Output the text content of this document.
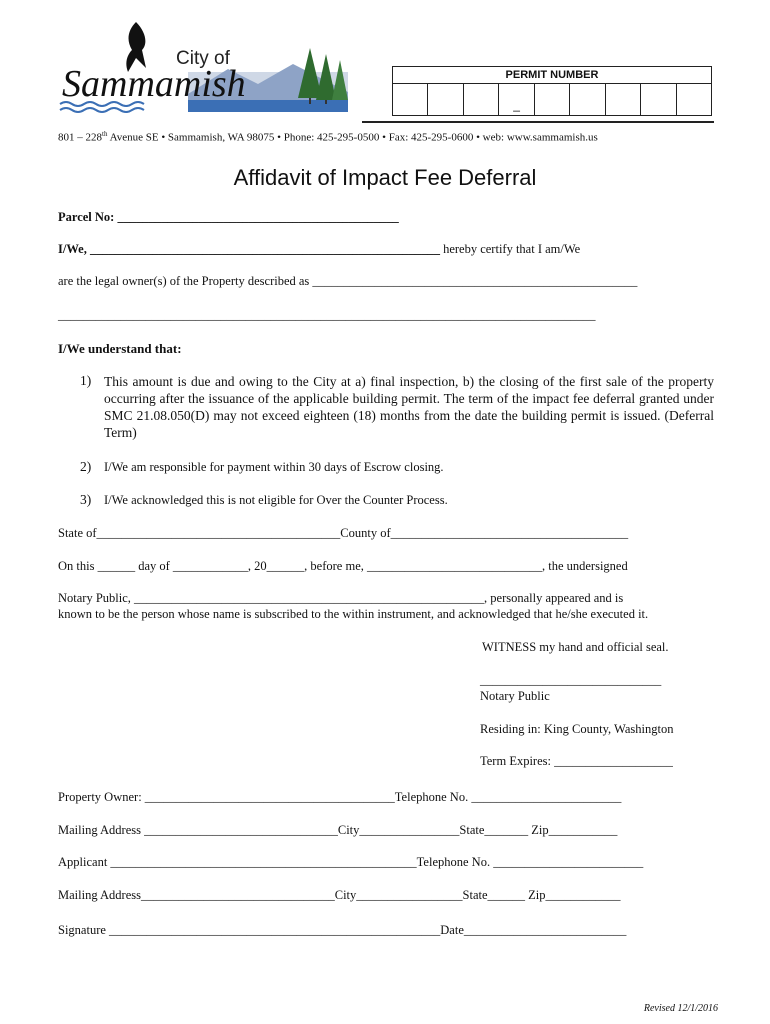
City of
Sammamish
Washington
PERMIT NUMBER
_
801 – 228th Avenue SE • Sammamish, WA 98075 • Phone: 425-295-0500 • Fax: 425-295-0600 • web: www.sammamish.us
Affidavit of Impact Fee Deferral
Parcel No: _____________________________________________
I/We, ________________________________________________________ hereby certify that I am/We
are the legal owner(s) of the Property described as ____________________________________________________
______________________________________________________________________________________
I/We understand that:
1) This amount is due and owing to the City at a) final inspection, b) the closing of the first sale of the property occurring after the issuance of the applicable building permit. The term of the impact fee deferral granted under SMC 21.08.050(D) may not exceed eighteen (18) months from the date the building permit is issued. (Deferral Term)
2) I/We am responsible for payment within 30 days of Escrow closing.
3) I/We acknowledged this is not eligible for Over the Counter Process.
State of_______________________________________County of______________________________________
On this ______ day of ____________, 20______, before me, ____________________________, the undersigned
Notary Public, ________________________________________________________, personally appeared and is
known to be the person whose name is subscribed to the within instrument, and acknowledged that he/she executed it.
WITNESS my hand and official seal.
_____________________________
Notary Public
Residing in: King County, Washington
Term Expires: ___________________
Property Owner: ________________________________________Telephone No. ________________________
Mailing Address _______________________________City________________State_______ Zip___________
Applicant _________________________________________________Telephone No. ________________________
Mailing Address_______________________________City_________________State______ Zip____________
Signature _____________________________________________________Date__________________________
Revised 12/1/2016
